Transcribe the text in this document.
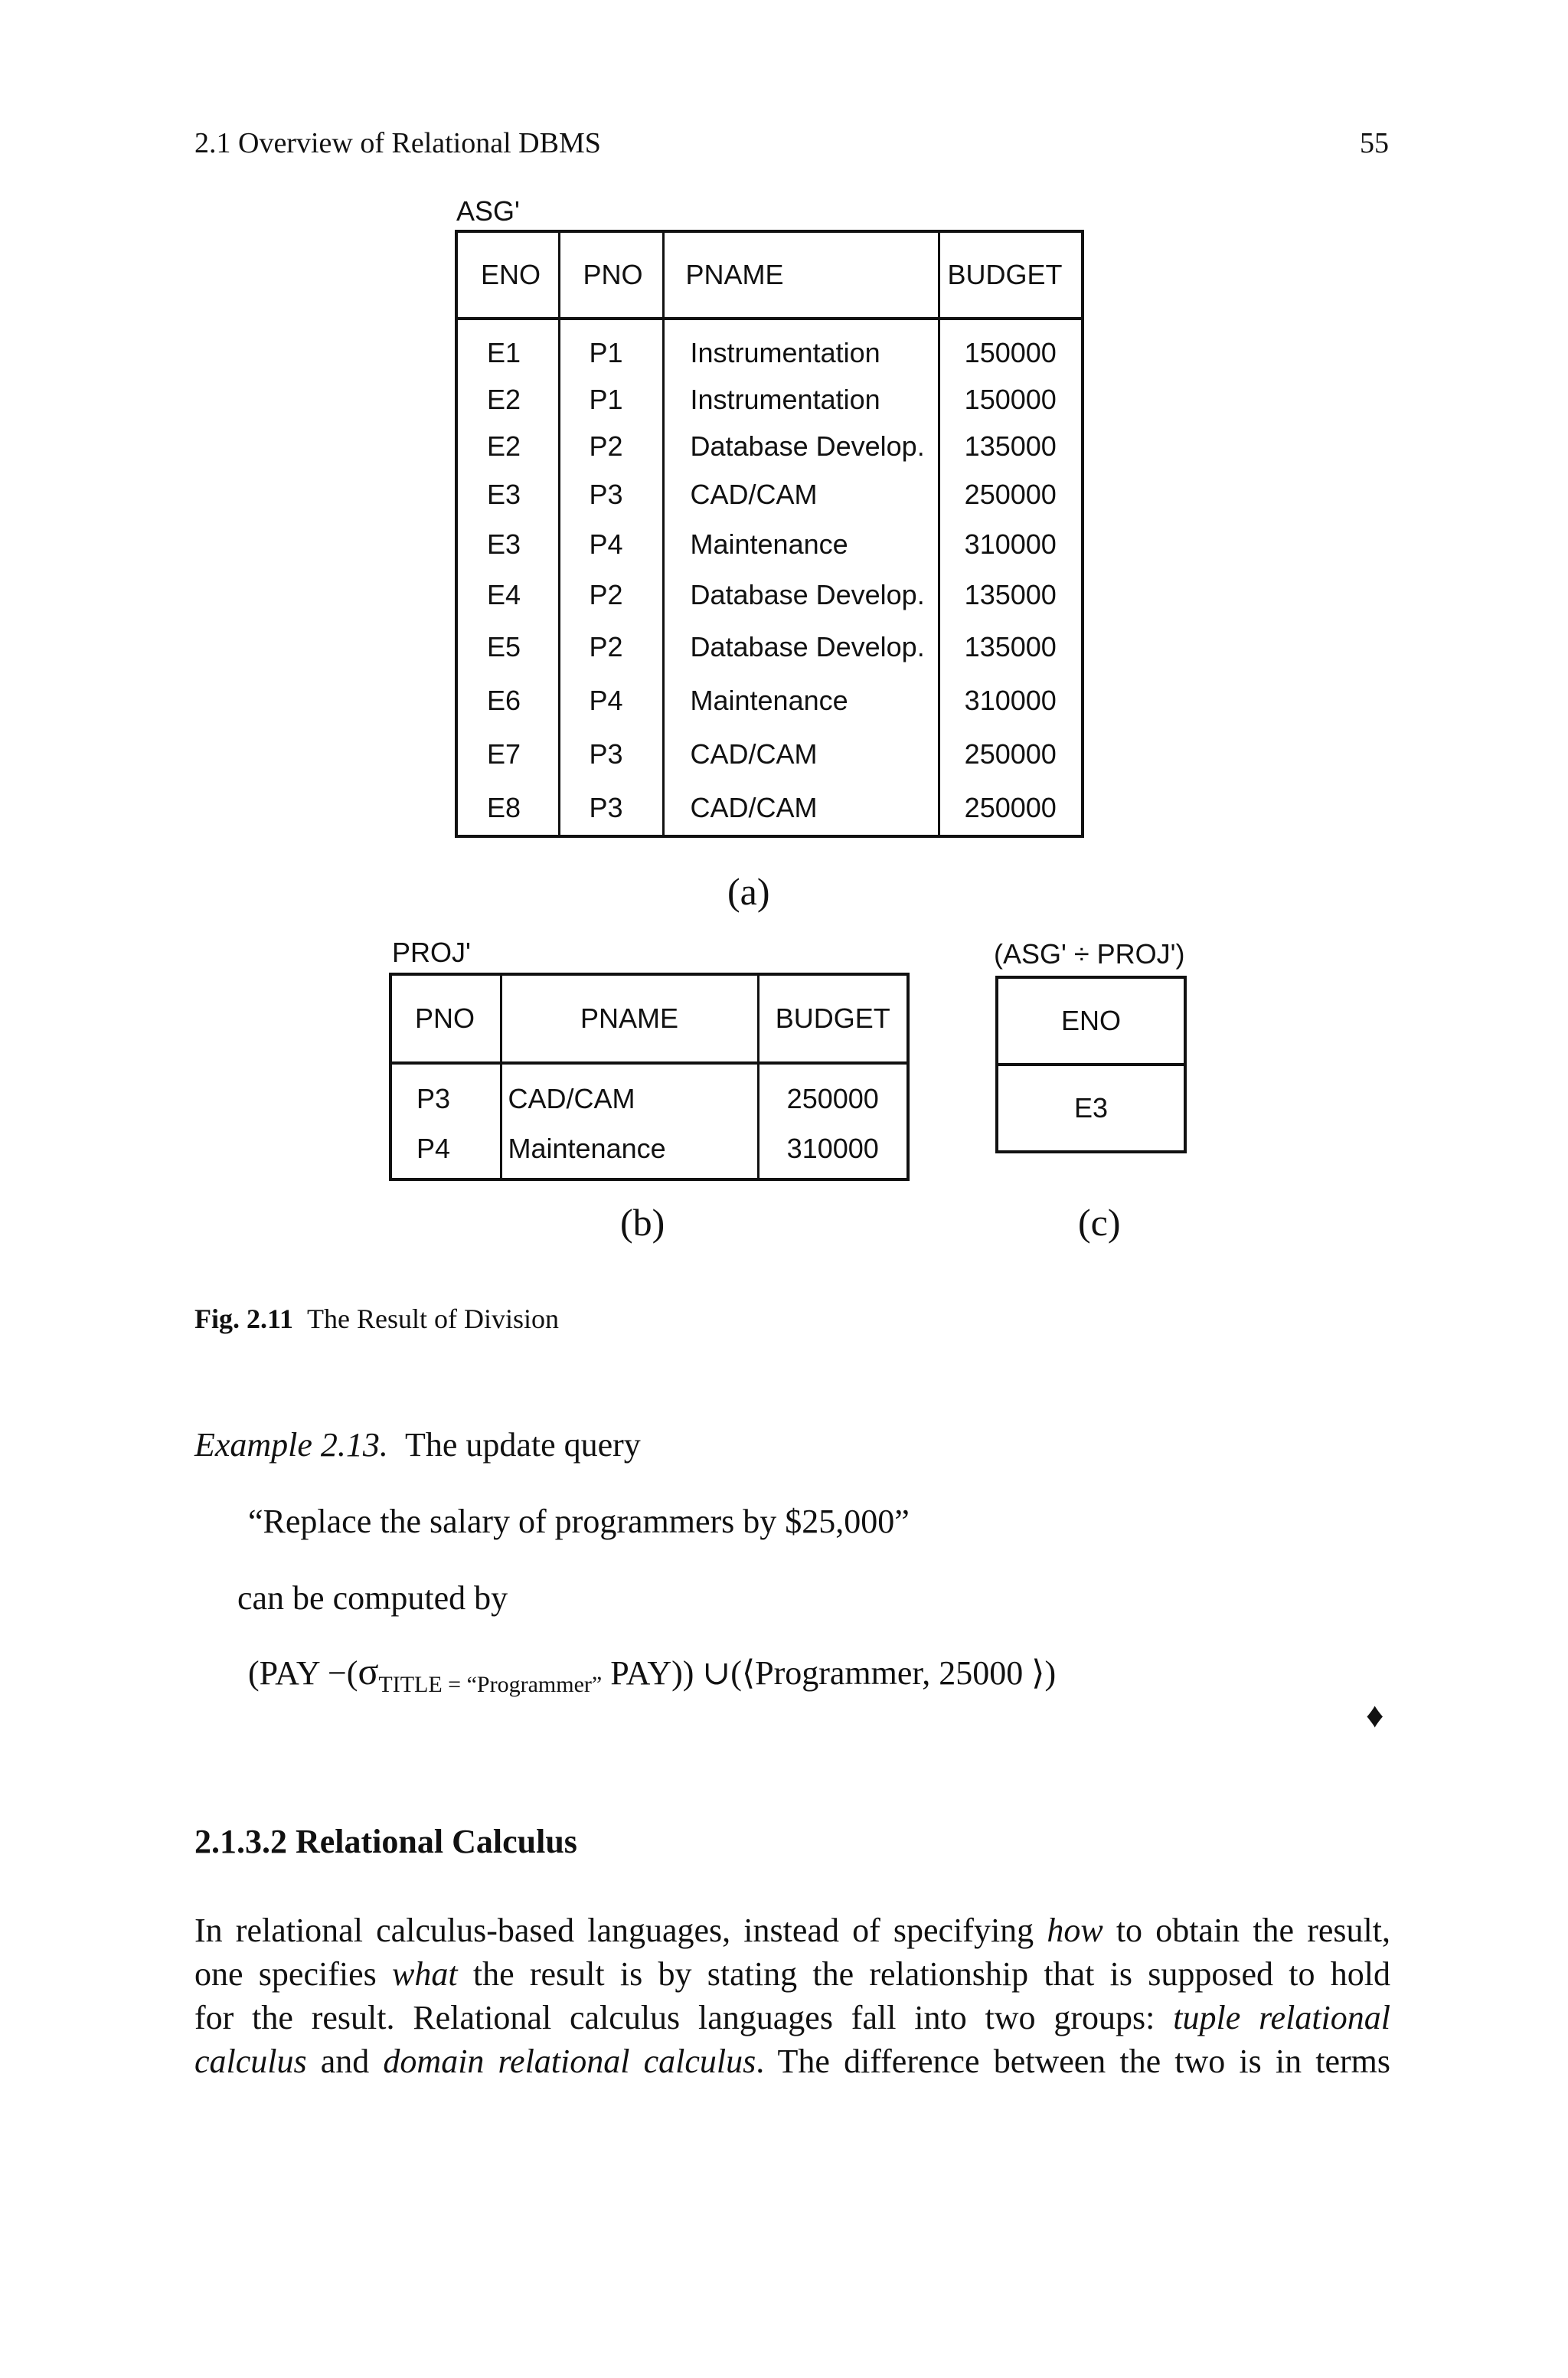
2.1 Overview of Relational DBMS	55
ASG'
ENO	PNO	PNAME	BUDGET
E1	P1	Instrumentation	150000
E2	P1	Instrumentation	150000
E2	P2	Database Develop.	135000
E3	P3	CAD/CAM	250000
E3	P4	Maintenance	310000
E4	P2	Database Develop.	135000
E5	P2	Database Develop.	135000
E6	P4	Maintenance	310000
E7	P3	CAD/CAM	250000
E8	P3	CAD/CAM	250000
(a)
PROJ'
PNO	PNAME	BUDGET
P3	CAD/CAM	250000
P4	Maintenance	310000
(b)
(ASG' ÷ PROJ')
ENO
E3
(c)
Fig. 2.11 The Result of Division
Example 2.13. The update query
“Replace the salary of programmers by $25,000”
can be computed by
($PAY -(\sigma_{TITLE = “Programmer”}$ PAY)) ∪(⟨Programmer, 25000 ⟩)
♦
2.1.3.2 Relational Calculus
In relational calculus-based languages, instead of specifying how to obtain the result,
one specifies what the result is by stating the relationship that is supposed to hold
for the result. Relational calculus languages fall into two groups: tuple relational
calculus and domain relational calculus. The difference between the two is in terms
